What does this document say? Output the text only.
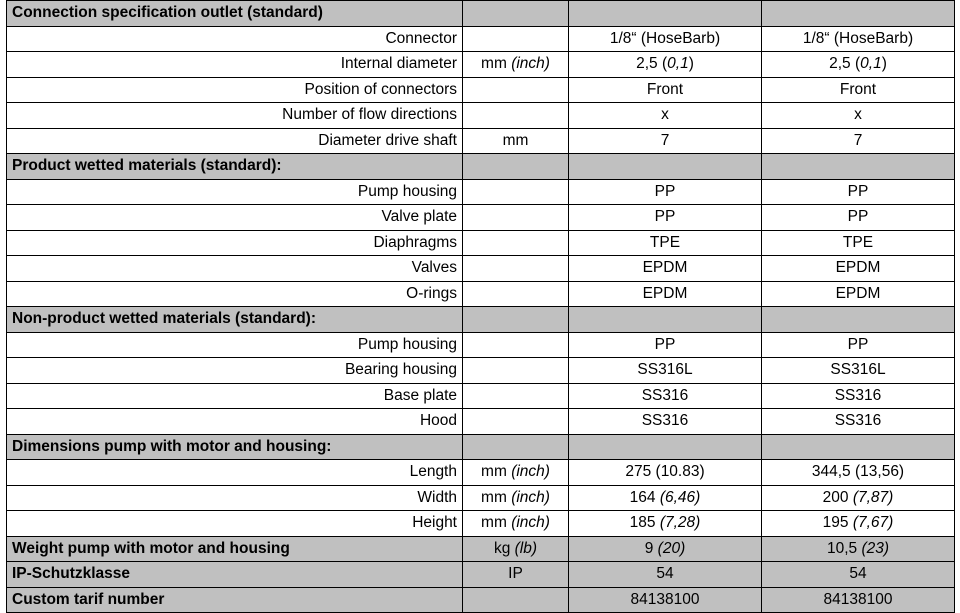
Connection specification outlet (standard)			
Connector		1/8“ (HoseBarb)	1/8“ (HoseBarb)
Internal diameter	mm (inch)	2,5 (0,1)	2,5 (0,1)
Position of connectors		Front	Front
Number of flow directions		x	x
Diameter drive shaft	mm	7	7
Product wetted materials (standard):			
Pump housing		PP	PP
Valve plate		PP	PP
Diaphragms		TPE	TPE
Valves		EPDM	EPDM
O-rings		EPDM	EPDM
Non-product wetted materials (standard):			
Pump housing		PP	PP
Bearing housing		SS316L	SS316L
Base plate		SS316	SS316
Hood		SS316	SS316
Dimensions pump with motor and housing:			
Length	mm (inch)	275 (10.83)	344,5 (13,56)
Width	mm (inch)	164 (6,46)	200 (7,87)
Height	mm (inch)	185 (7,28)	195 (7,67)
Weight pump with motor and housing	kg (lb)	9 (20)	10,5 (23)
IP-Schutzklasse	IP	54	54
Custom tarif number		84138100	84138100
